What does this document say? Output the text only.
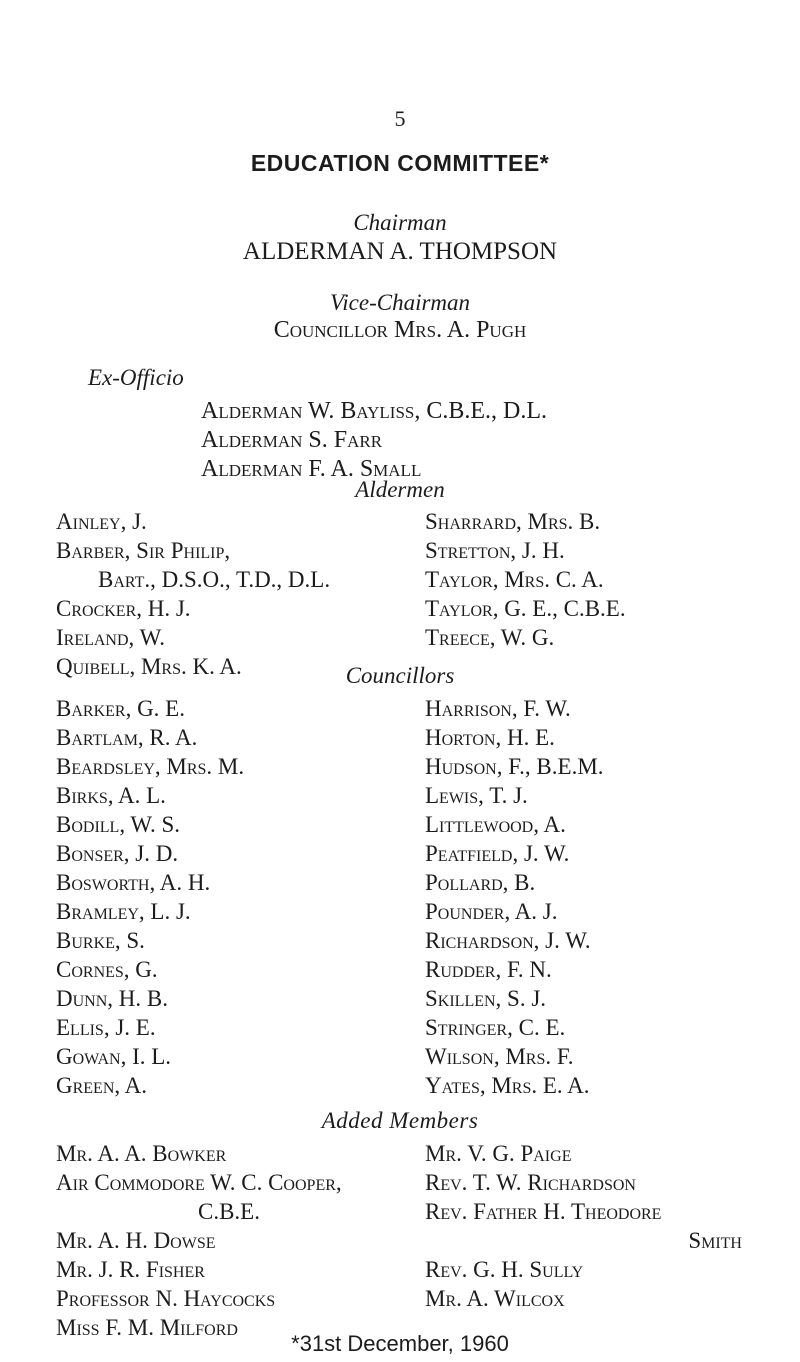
5
EDUCATION COMMITTEE*
Chairman
ALDERMAN A. THOMPSON
Vice-Chairman
Councillor Mrs. A. Pugh
Ex-Officio
Alderman W. Bayliss, C.B.E., D.L.
Alderman S. Farr
Alderman F. A. Small
Aldermen
Ainley, J.
Barber, Sir Philip,
Bart., D.S.O., T.D., D.L.
Crocker, H. J.
Ireland, W.
Quibell, Mrs. K. A.
Sharrard, Mrs. B.
Stretton, J. H.
Taylor, Mrs. C. A.
Taylor, G. E., C.B.E.
Treece, W. G.
Councillors
Barker, G. E.
Bartlam, R. A.
Beardsley, Mrs. M.
Birks, A. L.
Bodill, W. S.
Bonser, J. D.
Bosworth, A. H.
Bramley, L. J.
Burke, S.
Cornes, G.
Dunn, H. B.
Ellis, J. E.
Gowan, I. L.
Green, A.
Harrison, F. W.
Horton, H. E.
Hudson, F., B.E.M.
Lewis, T. J.
Littlewood, A.
Peatfield, J. W.
Pollard, B.
Pounder, A. J.
Richardson, J. W.
Rudder, F. N.
Skillen, S. J.
Stringer, C. E.
Wilson, Mrs. F.
Yates, Mrs. E. A.
Added Members
Mr. A. A. Bowker
Air Commodore W. C. Cooper,
C.B.E.
Mr. A. H. Dowse
Mr. J. R. Fisher
Professor N. Haycocks
Miss F. M. Milford
Mr. V. G. Paige
Rev. T. W. Richardson
Rev. Father H. Theodore
Smith
Rev. G. H. Sully
Mr. A. Wilcox
*31st December, 1960
